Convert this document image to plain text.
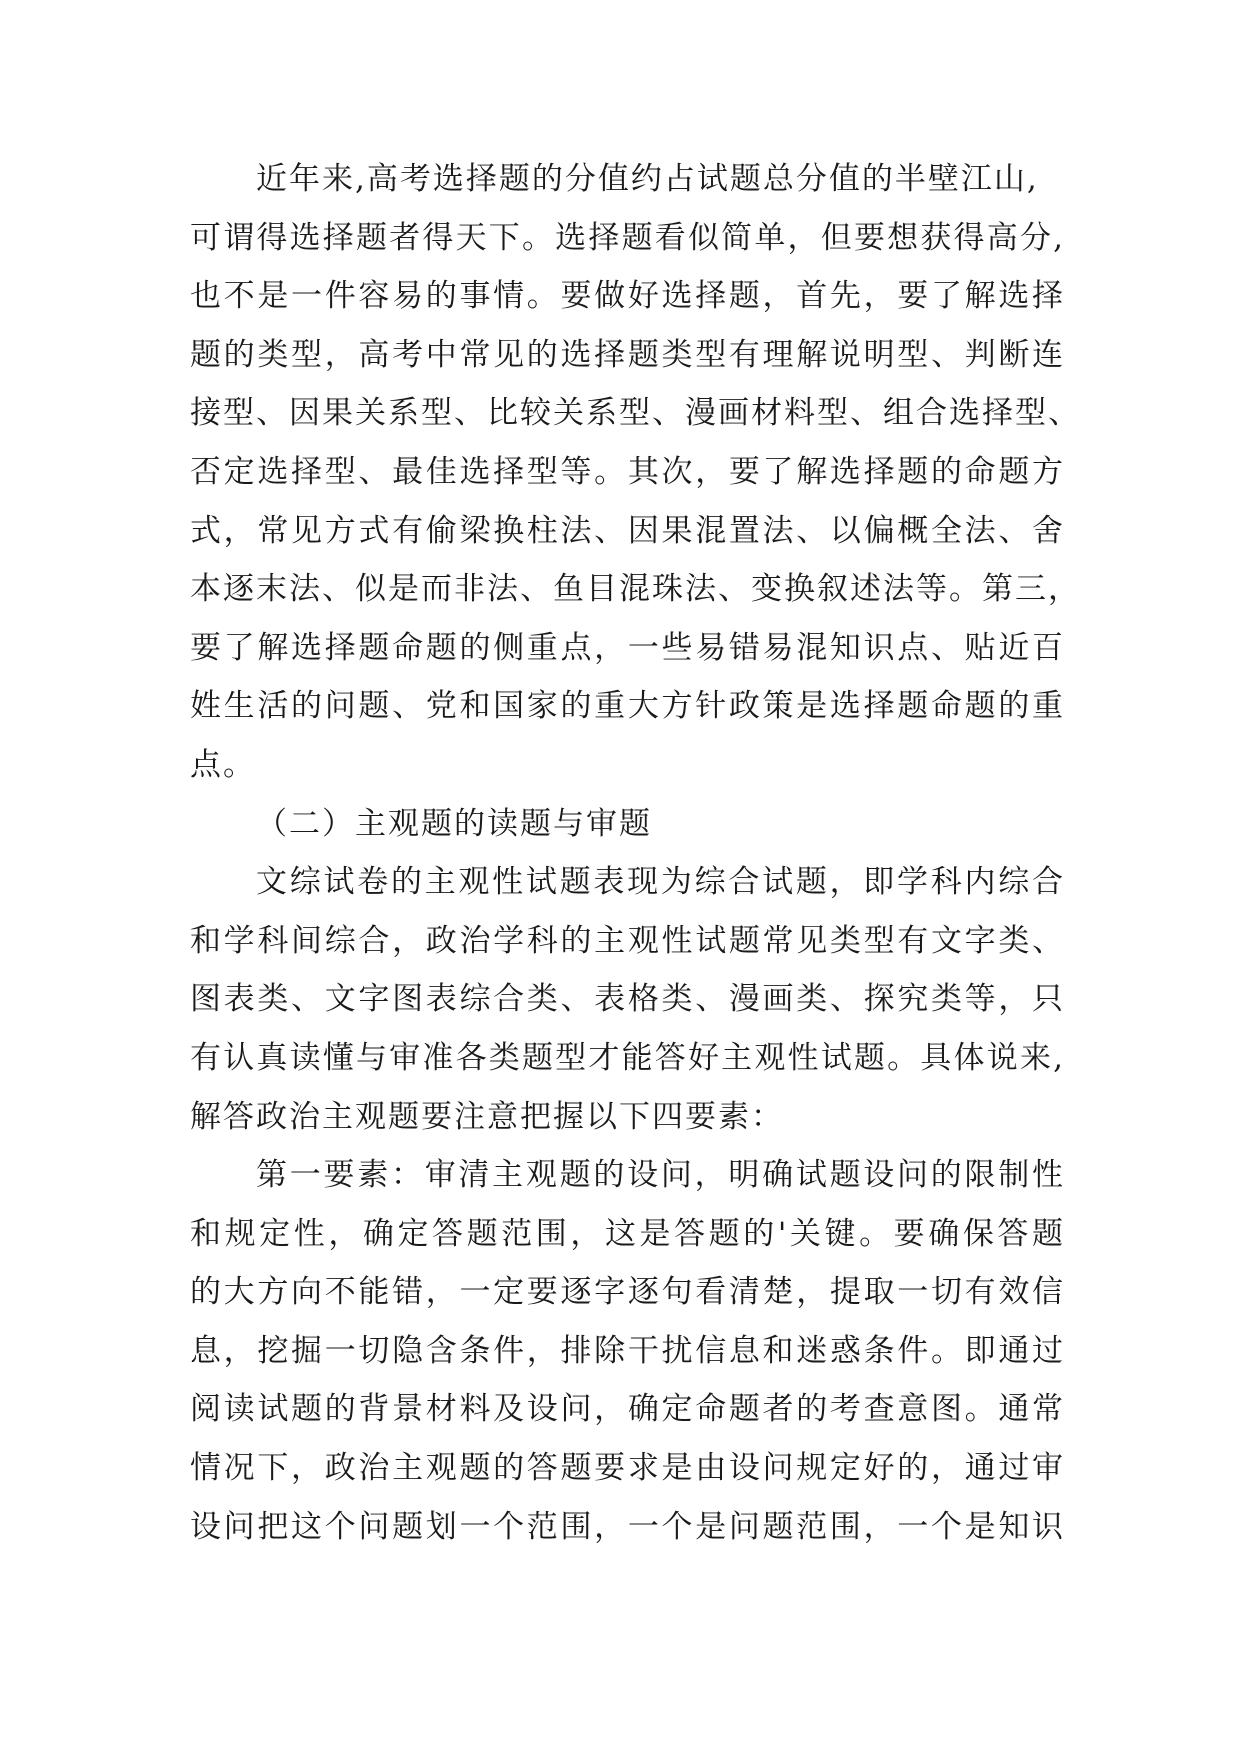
近年来,高考选择题的分值约占试题总分值的半壁江山,
可谓得选择题者得天下。选择题看似简单，但要想获得高分,
也不是一件容易的事情。要做好选择题，首先，要了解选择
题的类型，高考中常见的选择题类型有理解说明型、判断连
接型、因果关系型、比较关系型、漫画材料型、组合选择型、
否定选择型、最佳选择型等。其次，要了解选择题的命题方
式，常见方式有偷梁换柱法、因果混置法、以偏概全法、舍
本逐末法、似是而非法、鱼目混珠法、变换叙述法等。第三，
要了解选择题命题的侧重点，一些易错易混知识点、贴近百
姓生活的问题、党和国家的重大方针政策是选择题命题的重
点。
（二）主观题的读题与审题
文综试卷的主观性试题表现为综合试题，即学科内综合
和学科间综合，政治学科的主观性试题常见类型有文字类、
图表类、文字图表综合类、表格类、漫画类、探究类等，只
有认真读懂与审准各类题型才能答好主观性试题。具体说来,
解答政治主观题要注意把握以下四要素：
第一要素：审清主观题的设问，明确试题设问的限制性
和规定性，确定答题范围，这是答题的'关键。要确保答题
的大方向不能错，一定要逐字逐句看清楚，提取一切有效信
息，挖掘一切隐含条件，排除干扰信息和迷惑条件。即通过
阅读试题的背景材料及设问，确定命题者的考查意图。通常
情况下，政治主观题的答题要求是由设问规定好的，通过审
设问把这个问题划一个范围，一个是问题范围，一个是知识
